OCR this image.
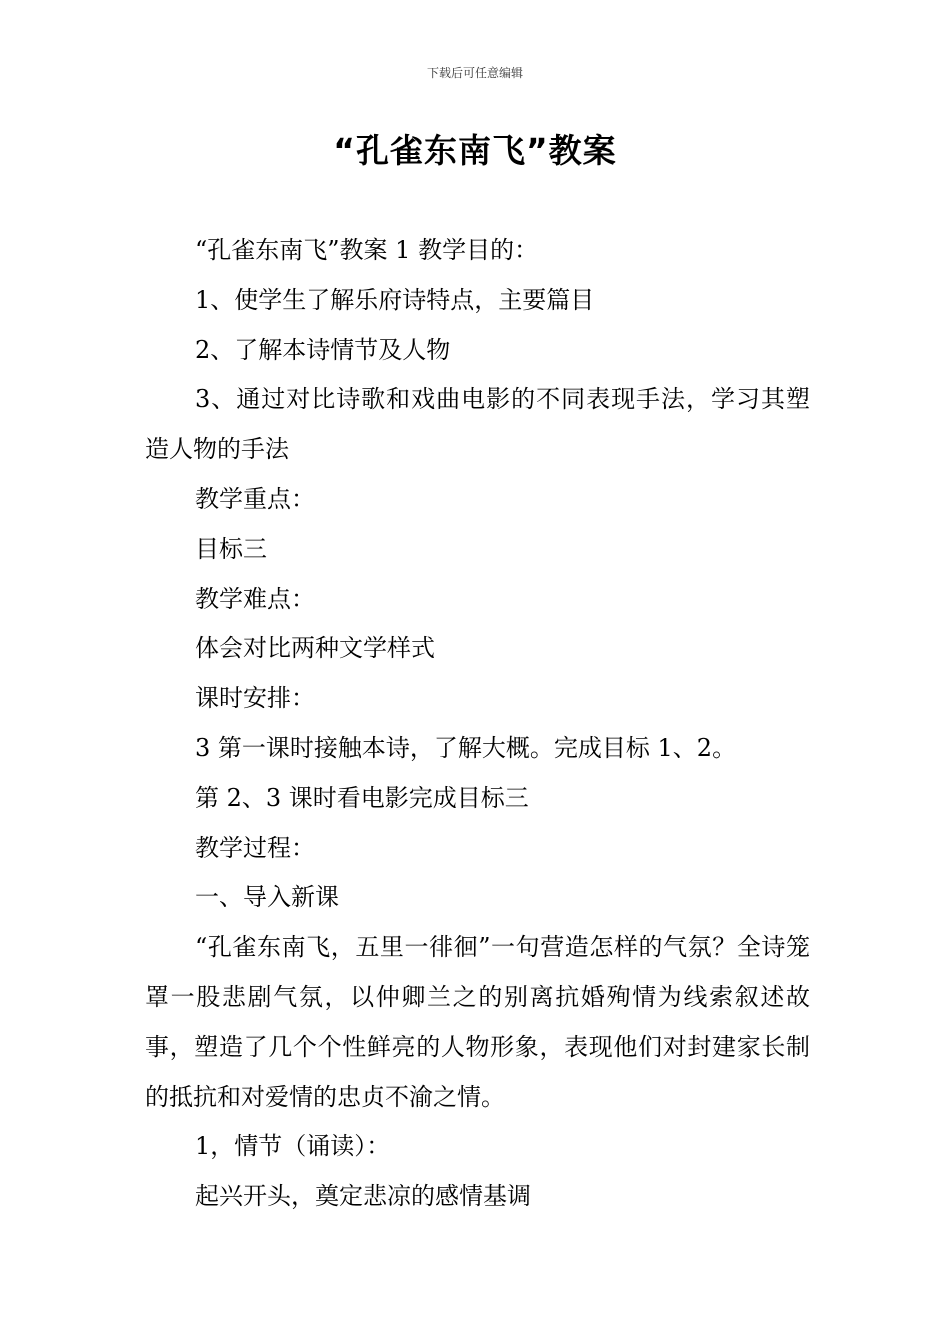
下载后可任意编辑
“孔雀东南飞”教案

“孔雀东南飞”教案 1 教学目的：

1、使学生了解乐府诗特点，主要篇目

2、了解本诗情节及人物

3、通过对比诗歌和戏曲电影的不同表现手法，学习其塑造人物的手法

教学重点：

目标三

教学难点：

体会对比两种文学样式

课时安排：

3 第一课时接触本诗，了解大概。完成目标 1、2。

第 2、3 课时看电影完成目标三

教学过程：

一、导入新课

“孔雀东南飞，五里一徘徊”一句营造怎样的气氛？全诗笼罩一股悲剧气氛，以仲卿兰之的别离抗婚殉情为线索叙述故事，塑造了几个个性鲜亮的人物形象，表现他们对封建家长制的抵抗和对爱情的忠贞不渝之情。

1，情节（诵读）：

起兴开头，奠定悲凉的感情基调
